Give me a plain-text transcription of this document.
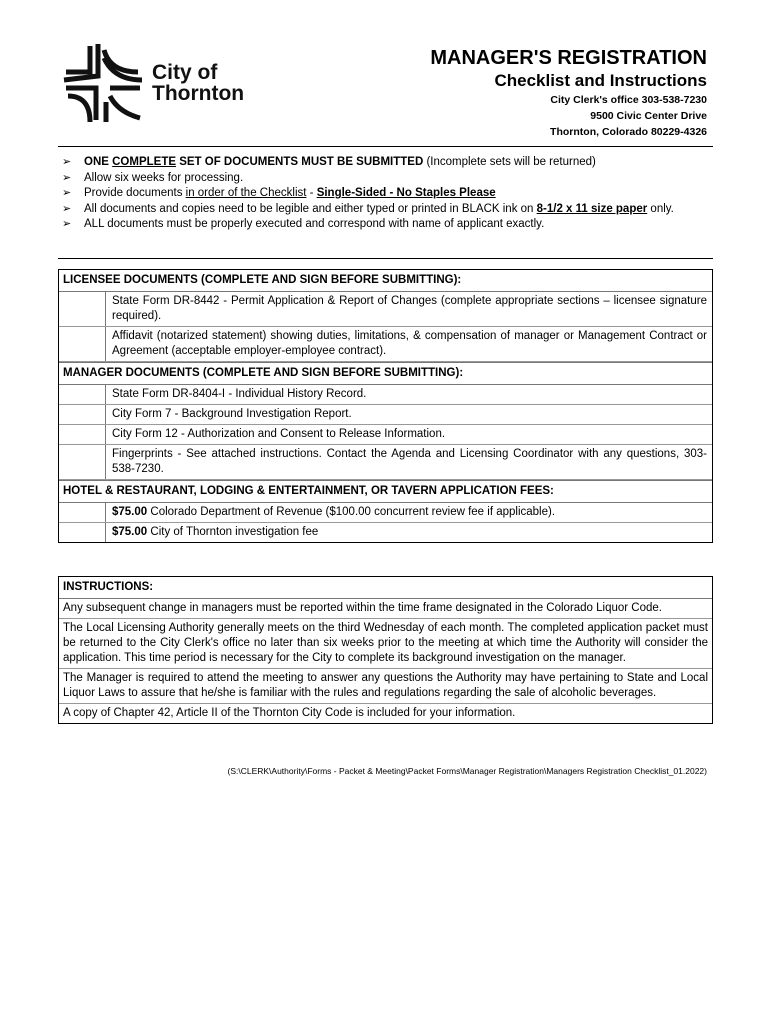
City of
Thornton
MANAGER'S REGISTRATION
Checklist and Instructions
City Clerk's office 303-538-7230
9500 Civic Center Drive
Thornton, Colorado 80229-4326
➢ ONE COMPLETE SET OF DOCUMENTS MUST BE SUBMITTED (Incomplete sets will be returned)
➢ Allow six weeks for processing.
➢ Provide documents in order of the Checklist - Single-Sided - No Staples Please
➢ All documents and copies need to be legible and either typed or printed in BLACK ink on 8-1/2 x 11 size paper only.
➢ ALL documents must be properly executed and correspond with name of applicant exactly.
LICENSEE DOCUMENTS (COMPLETE AND SIGN BEFORE SUBMITTING):
State Form DR-8442 - Permit Application & Report of Changes (complete appropriate sections – licensee signature required).
Affidavit (notarized statement) showing duties, limitations, & compensation of manager or Management Contract or Agreement (acceptable employer-employee contract).
MANAGER DOCUMENTS (COMPLETE AND SIGN BEFORE SUBMITTING):
State Form DR-8404-I - Individual History Record.
City Form 7 - Background Investigation Report.
City Form 12 - Authorization and Consent to Release Information.
Fingerprints - See attached instructions. Contact the Agenda and Licensing Coordinator with any questions, 303-538-7230.
HOTEL & RESTAURANT, LODGING & ENTERTAINMENT, OR TAVERN APPLICATION FEES:
$75.00 Colorado Department of Revenue ($100.00 concurrent review fee if applicable).
$75.00 City of Thornton investigation fee
INSTRUCTIONS:
Any subsequent change in managers must be reported within the time frame designated in the Colorado Liquor Code.
The Local Licensing Authority generally meets on the third Wednesday of each month. The completed application packet must be returned to the City Clerk's office no later than six weeks prior to the meeting at which time the Authority will consider the application. This time period is necessary for the City to complete its background investigation on the manager.
The Manager is required to attend the meeting to answer any questions the Authority may have pertaining to State and Local Liquor Laws to assure that he/she is familiar with the rules and regulations regarding the sale of alcoholic beverages.
A copy of Chapter 42, Article II of the Thornton City Code is included for your information.
(S:\CLERK\Authority\Forms - Packet & Meeting\Packet Forms\Manager Registration\Managers Registration Checklist_01.2022)
